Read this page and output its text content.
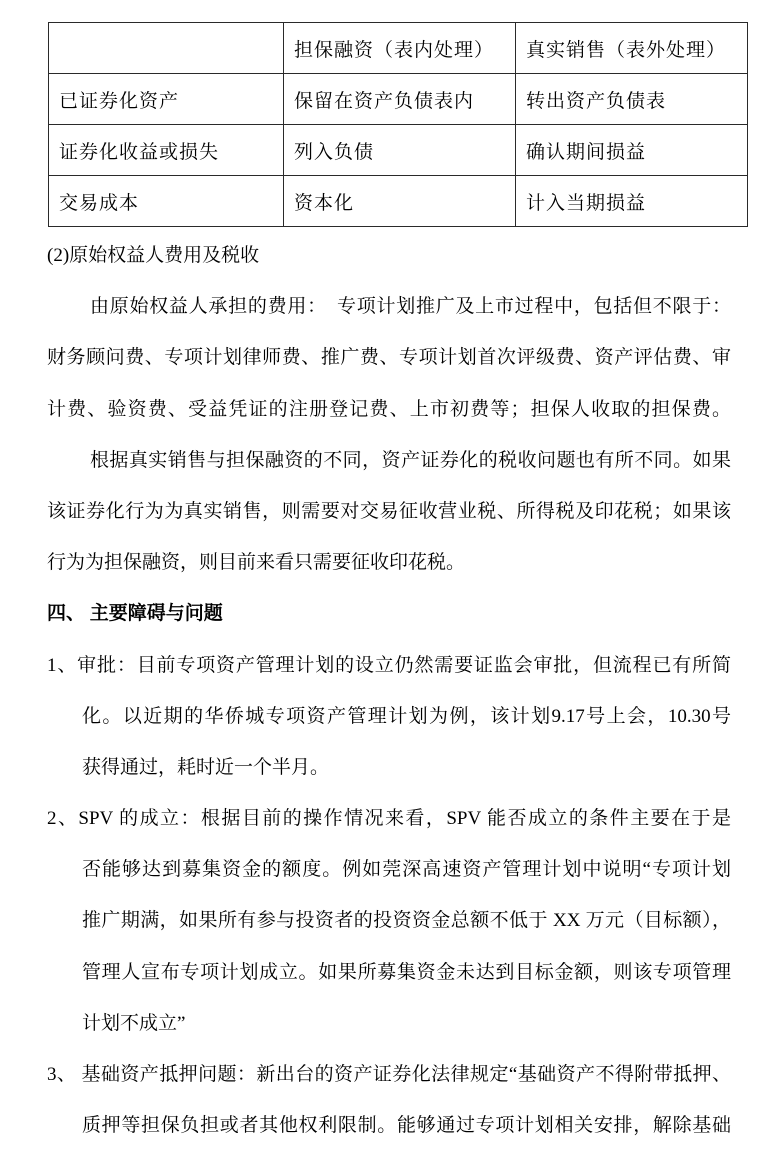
	担保融资（表内处理）	真实销售（表外处理）
已证券化资产	保留在资产负债表内	转出资产负债表
证券化收益或损失	列入负债	确认期间损益
交易成本	资本化	计入当期损益
(2)原始权益人费用及税收
由原始权益人承担的费用：　专项计划推广及上市过程中，包括但不限于：
财务顾问费、专项计划律师费、推广费、专项计划首次评级费、资产评估费、审
计费、验资费、受益凭证的注册登记费、上市初费等；担保人收取的担保费。
根据真实销售与担保融资的不同，资产证券化的税收问题也有所不同。如果
该证券化行为为真实销售，则需要对交易征收营业税、所得税及印花税；如果该
行为为担保融资，则目前来看只需要征收印花税。
四、 主要障碍与问题
1、审批：目前专项资产管理计划的设立仍然需要证监会审批，但流程已有所简
化。以近期的华侨城专项资产管理计划为例，该计划9.17号上会，10.30号
获得通过，耗时近一个半月。
2、SPV 的成立：根据目前的操作情况来看，SPV 能否成立的条件主要在于是
否能够达到募集资金的额度。例如莞深高速资产管理计划中说明“专项计划
推广期满，如果所有参与投资者的投资资金总额不低于 XX 万元（目标额），
管理人宣布专项计划成立。如果所募集资金未达到目标金额，则该专项管理
计划不成立”
3、 基础资产抵押问题：新出台的资产证券化法律规定“基础资产不得附带抵押、
质押等担保负担或者其他权利限制。能够通过专项计划相关安排，解除基础
